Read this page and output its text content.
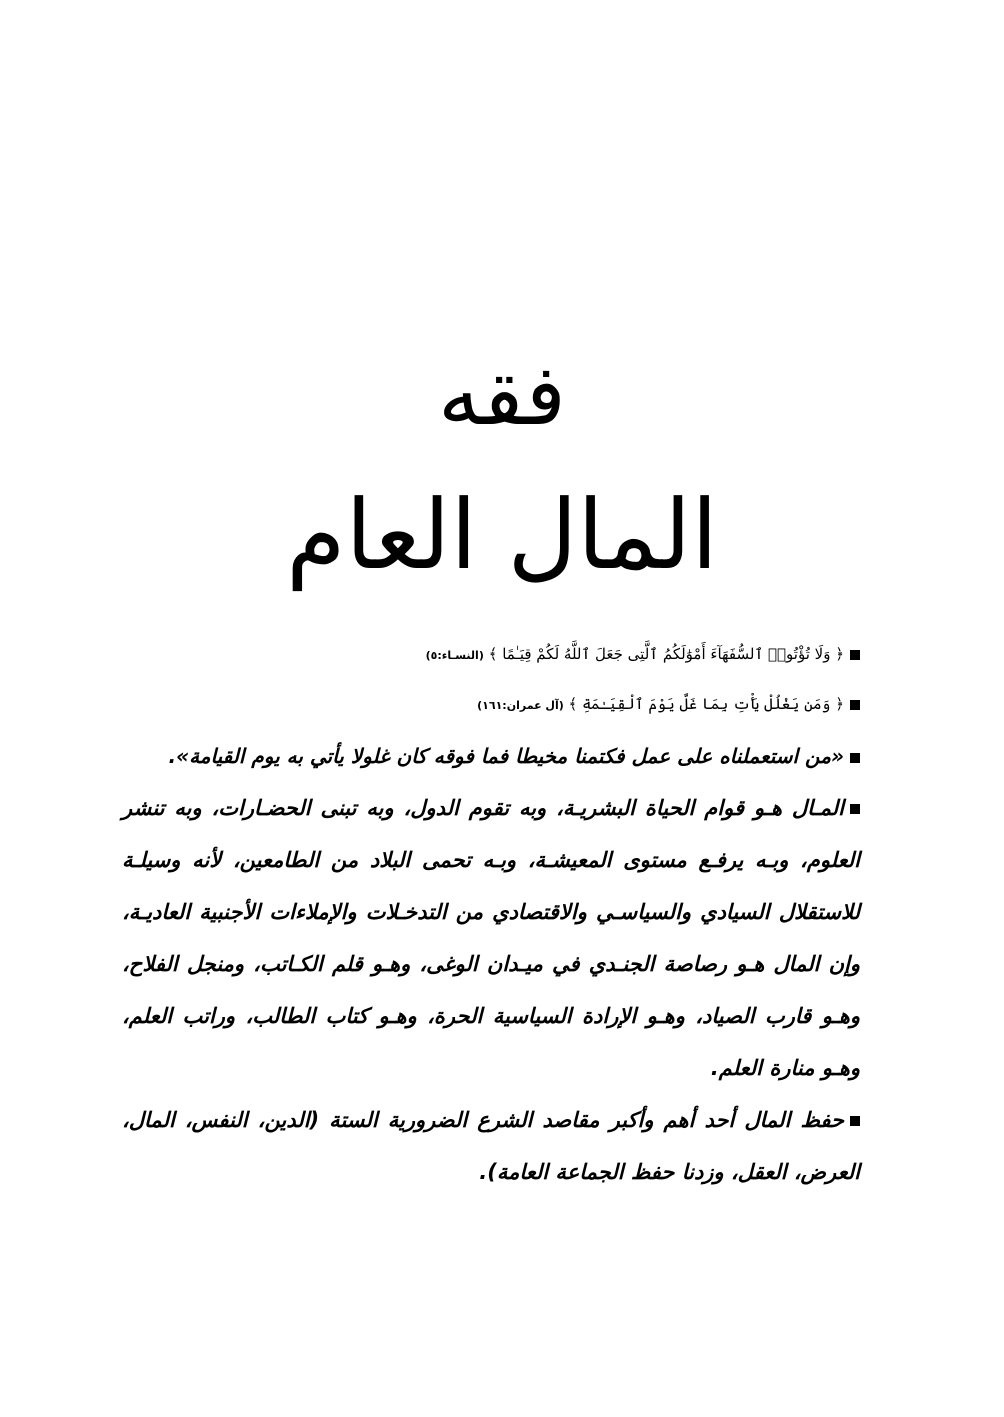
فقه
المال العام
﴿ وَلَا تُؤْتُوا۟ ٱلسُّفَهَآءَ أَمْوَٰلَكُمُ ٱلَّتِى جَعَلَ ٱللَّهُ لَكُمْ قِيَـٰمًا ﴾ (النسـاء:٥)
﴿ وَمَن يَغْلُلْ يَأْتِ بِمَا غَلَّ يَوْمَ ٱلْقِيَـٰمَةِ ﴾ (آل عمران:١٦١)
«من استعملناه على عمل فكتمنا مخيطا فما فوقه كان غلولا يأتي به يوم القيامة».

المـال هـو قوام الحياة البشريـة، وبه تقوم الدول، وبه تبنى الحضـارات، وبه تنشر العلوم، وبـه يرفـع مستوى المعيشـة، وبـه تحمى البلاد من الطامعين، لأنه وسيلـة للاستقلال السيادي والسياسـي والاقتصادي من التدخـلات والإملاءات الأجنبية العاديـة، وإن المال هـو رصاصة الجنـدي في ميـدان الوغى، وهـو قلم الكـاتب، ومنجل الفلاح، وهـو قارب الصياد، وهـو الإرادة السياسية الحرة، وهـو كتاب الطالب، وراتب العلم، وهـو منارة العلم.

حفظ المال أحد أهم وأكبر مقاصد الشرع الضرورية الستة (الدين، النفس، المال، العرض، العقل، وزدنا حفظ الجماعة العامة).
